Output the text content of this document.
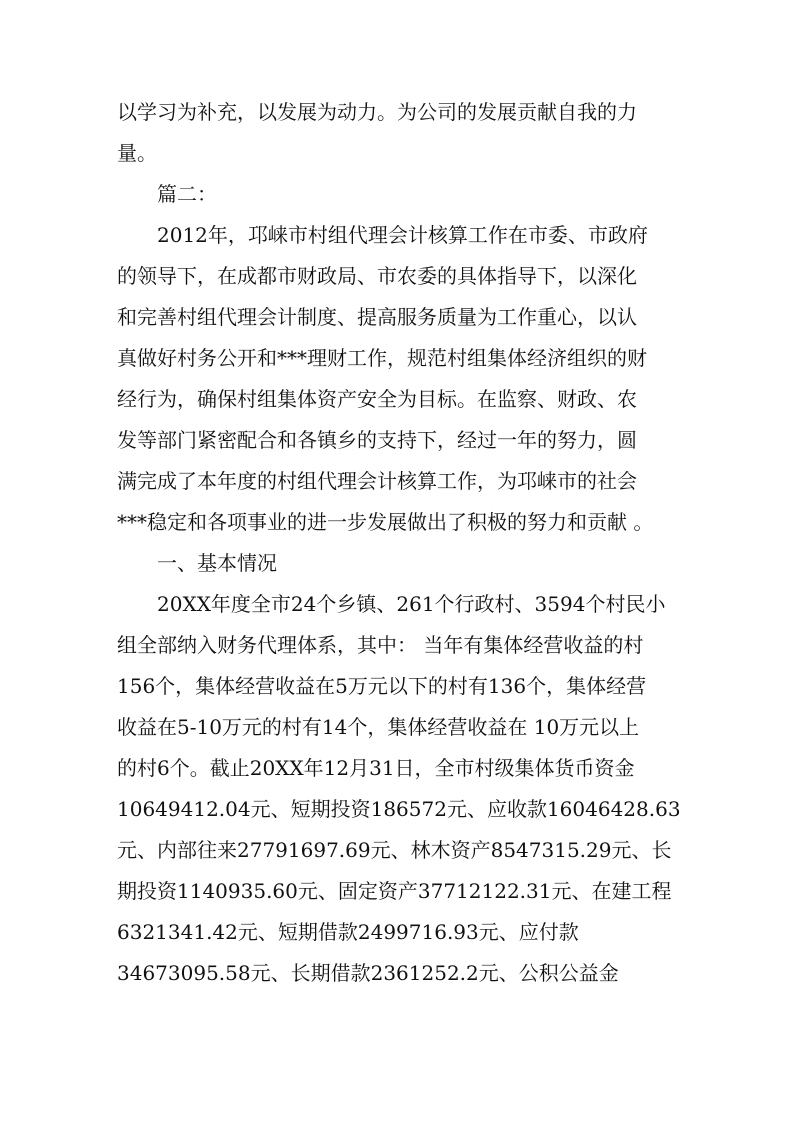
以学习为补充，以发展为动力。为公司的发展贡献自我的力
量。
篇二：
2012年，邛崃市村组代理会计核算工作在市委、市政府
的领导下，在成都市财政局、市农委的具体指导下，以深化
和完善村组代理会计制度、提高服务质量为工作重心，以认
真做好村务公开和***理财工作，规范村组集体经济组织的财
经行为，确保村组集体资产安全为目标。在监察、财政、农
发等部门紧密配合和各镇乡的支持下，经过一年的努力，圆
满完成了本年度的村组代理会计核算工作，为邛崃市的社会
***稳定和各项事业的进一步发展做出了积极的努力和贡献 。
一、基本情况
20XX年度全市24个乡镇、261个行政村、3594个村民小
组全部纳入财务代理体系，其中： 当年有集体经营收益的村
156个，集体经营收益在5万元以下的村有136个，集体经营
收益在5-10万元的村有14个，集体经营收益在 10万元以上
的村6个。截止20XX年12月31日，全市村级集体货币资金
10649412.04元、短期投资186572元、应收款16046428.63
元、内部往来27791697.69元、林木资产8547315.29元、长
期投资1140935.60元、固定资产37712122.31元、在建工程
6321341.42元、短期借款2499716.93元、应付款
34673095.58元、长期借款2361252.2元、公积公益金
